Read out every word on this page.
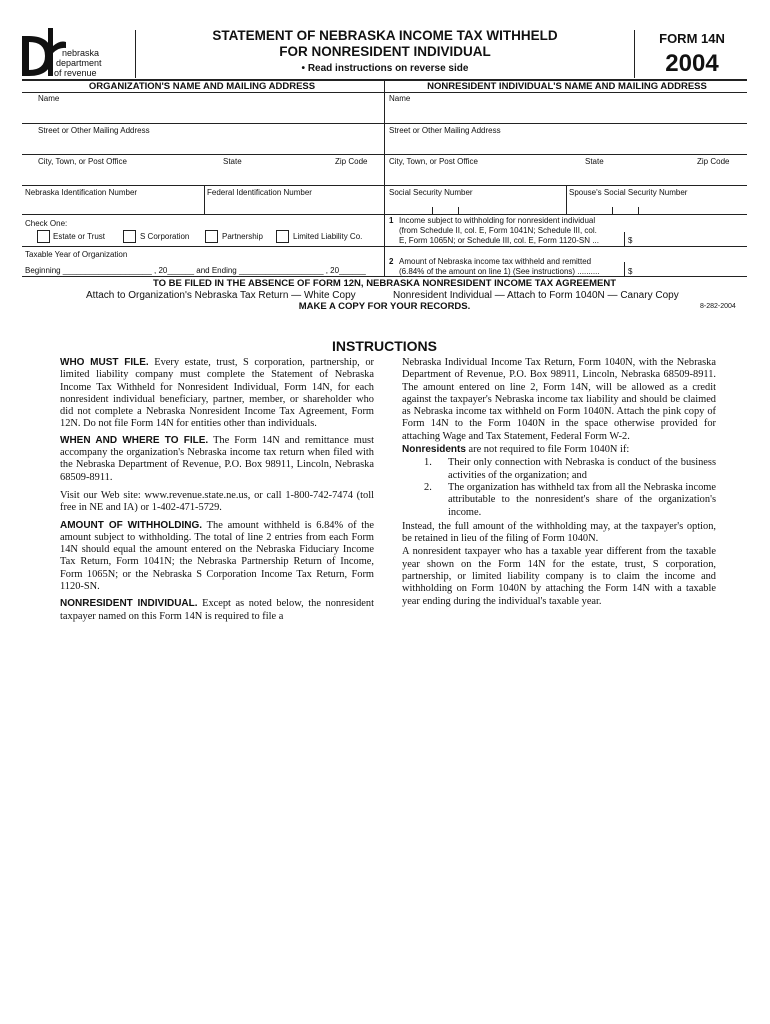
nebraska
department
of revenue
STATEMENT OF NEBRASKA INCOME TAX WITHHELD
FOR NONRESIDENT INDIVIDUAL
• Read instructions on reverse side
FORM 14N
2004
ORGANIZATION'S NAME AND MAILING ADDRESS	NONRESIDENT INDIVIDUAL'S NAME AND MAILING ADDRESS
Name	Name
Street or Other Mailing Address	Street or Other Mailing Address
City, Town, or Post Office	State	Zip Code	City, Town, or Post Office	State	Zip Code
Nebraska Identification Number	Federal Identification Number	Social Security Number	Spouse's Social Security Number
Check One:
Estate or Trust	S Corporation	Partnership	Limited Liability Co.
Taxable Year of Organization
Beginning ____________________ , 20______ and Ending ___________________ , 20______
1 Income subject to withholding for nonresident individual
(from Schedule II, col. E, Form 1041N; Schedule III, col.
E, Form 1065N; or Schedule III, col. E, Form 1120-SN ...	$
2 Amount of Nebraska income tax withheld and remitted
(6.84% of the amount on line 1) (See instructions) ..........	$
TO BE FILED IN THE ABSENCE OF FORM 12N, NEBRASKA NONRESIDENT INCOME TAX AGREEMENT
Attach to Organization's Nebraska Tax Return — White Copy	Nonresident Individual — Attach to Form 1040N — Canary Copy
MAKE A COPY FOR YOUR RECORDS.	8-282-2004
INSTRUCTIONS

WHO MUST FILE. Every estate, trust, S corporation, partnership, or limited liability company must complete the Statement of Nebraska Income Tax Withheld for Nonresident Individual, Form 14N, for each nonresident individual beneficiary, partner, member, or shareholder who did not complete a Nebraska Nonresident Income Tax Agreement, Form 12N. Do not file Form 14N for entities other than individuals.

WHEN AND WHERE TO FILE. The Form 14N and remittance must accompany the organization's Nebraska income tax return when filed with the Nebraska Department of Revenue, P.O. Box 98911, Lincoln, Nebraska 68509-8911.

Visit our Web site: www.revenue.state.ne.us, or call 1-800-742-7474 (toll free in NE and IA) or 1-402-471-5729.

AMOUNT OF WITHHOLDING. The amount withheld is 6.84% of the amount subject to withholding. The total of line 2 entries from each Form 14N should equal the amount entered on the Nebraska Fiduciary Income Tax Return, Form 1041N; the Nebraska Partnership Return of Income, Form 1065N; or the Nebraska S Corporation Income Tax Return, Form 1120-SN.

NONRESIDENT INDIVIDUAL. Except as noted below, the nonresident taxpayer named on this Form 14N is required to file a

Nebraska Individual Income Tax Return, Form 1040N, with the Nebraska Department of Revenue, P.O. Box 98911, Lincoln, Nebraska 68509-8911. The amount entered on line 2, Form 14N, will be allowed as a credit against the taxpayer's Nebraska income tax liability and should be claimed as Nebraska income tax withheld on Form 1040N. Attach the pink copy of Form 14N to the Form 1040N in the space otherwise provided for attaching Wage and Tax Statement, Federal Form W-2.

Nonresidents are not required to file Form 1040N if:

1.	Their only connection with Nebraska is conduct of the business activities of the organization; and
2.	The organization has withheld tax from all the Nebraska income attributable to the nonresident's share of the organization's income.

Instead, the full amount of the withholding may, at the taxpayer's option, be retained in lieu of the filing of Form 1040N.

A nonresident taxpayer who has a taxable year different from the taxable year shown on the Form 14N for the estate, trust, S corporation, partnership, or limited liability company is to claim the income and withholding on Form 1040N by attaching the Form 14N with a taxable year ending during the individual's taxable year.
